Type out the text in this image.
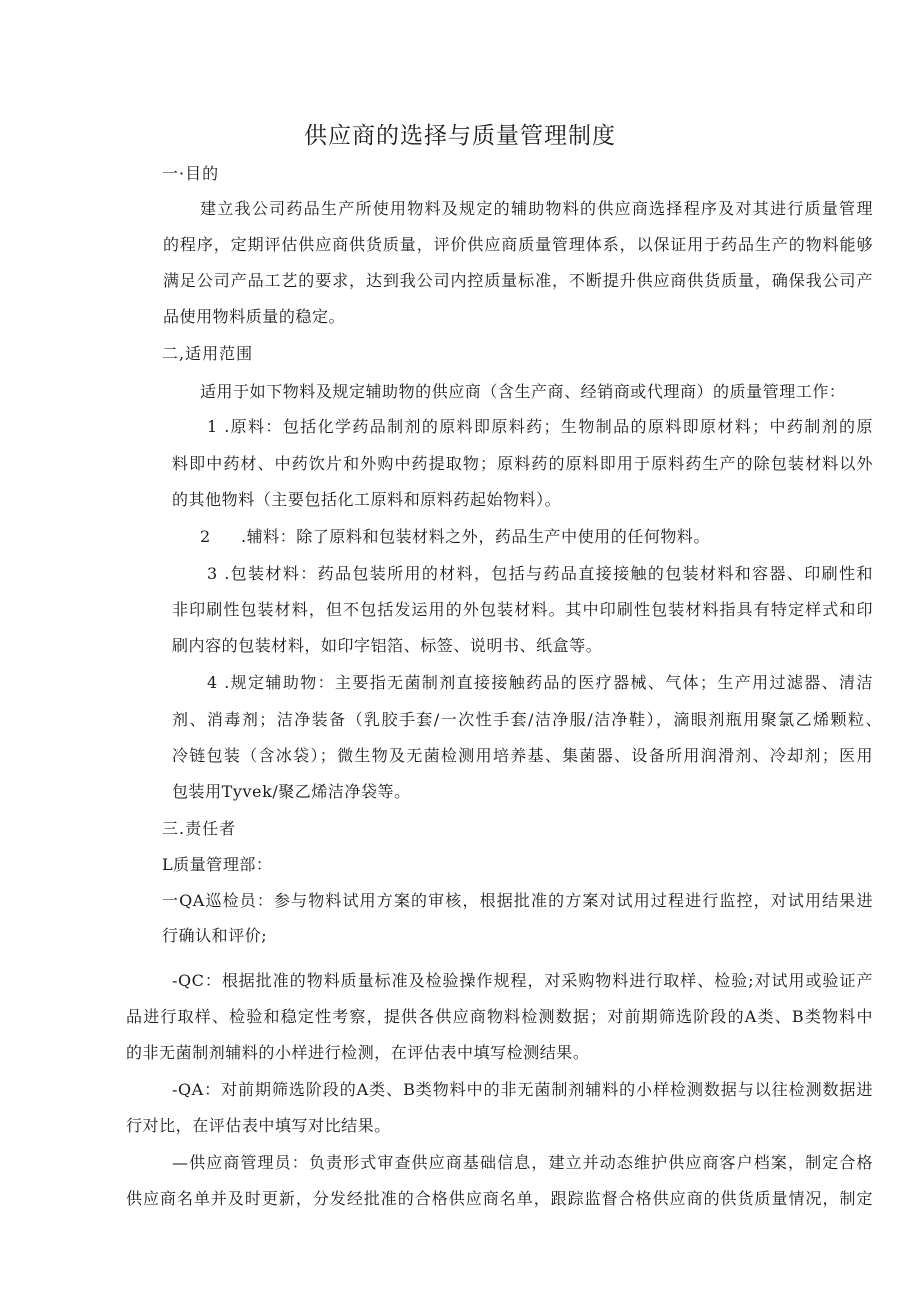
供应商的选择与质量管理制度
一·目的
建立我公司药品生产所使用物料及规定的辅助物料的供应商选择程序及对其进行质量管理
的程序，定期评估供应商供货质量，评价供应商质量管理体系，以保证用于药品生产的物料能够
满足公司产品工艺的要求，达到我公司内控质量标准，不断提升供应商供货质量，确保我公司产
品使用物料质量的稳定。
二,适用范围
适用于如下物料及规定辅助物的供应商（含生产商、经销商或代理商）的质量管理工作：
1 .原料：包括化学药品制剂的原料即原料药；生物制品的原料即原材料；中药制剂的原
料即中药材、中药饮片和外购中药提取物；原料药的原料即用于原料药生产的除包装材料以外
的其他物料（主要包括化工原料和原料药起始物料）。
2 .辅料：除了原料和包装材料之外，药品生产中使用的任何物料。
3 .包装材料：药品包装所用的材料，包括与药品直接接触的包装材料和容器、印刷性和
非印刷性包装材料，但不包括发运用的外包装材料。其中印刷性包装材料指具有特定样式和印
刷内容的包装材料，如印字铝箔、标签、说明书、纸盒等。
4 .规定辅助物：主要指无菌制剂直接接触药品的医疗器械、气体；生产用过滤器、清洁
剂、消毒剂；洁净装备（乳胶手套/一次性手套/洁净服/洁净鞋），滴眼剂瓶用聚氯乙烯颗粒、
冷链包装（含冰袋）；微生物及无菌检测用培养基、集菌器、设备所用润滑剂、冷却剂；医用
包装用Tyvek/聚乙烯洁净袋等。
三.责任者
L质量管理部：
一QA巡检员：参与物料试用方案的审核，根据批准的方案对试用过程进行监控，对试用结果进
行确认和评价;
-QC：根据批准的物料质量标准及检验操作规程，对采购物料进行取样、检验;对试用或验证产
品进行取样、检验和稳定性考察，提供各供应商物料检测数据；对前期筛选阶段的A类、B类物料中
的非无菌制剂辅料的小样进行检测，在评估表中填写检测结果。
-QA：对前期筛选阶段的A类、B类物料中的非无菌制剂辅料的小样检测数据与以往检测数据进
行对比，在评估表中填写对比结果。
—供应商管理员：负责形式审查供应商基础信息，建立并动态维护供应商客户档案，制定合格
供应商名单并及时更新，分发经批准的合格供应商名单，跟踪监督合格供应商的供货质量情况，制定
